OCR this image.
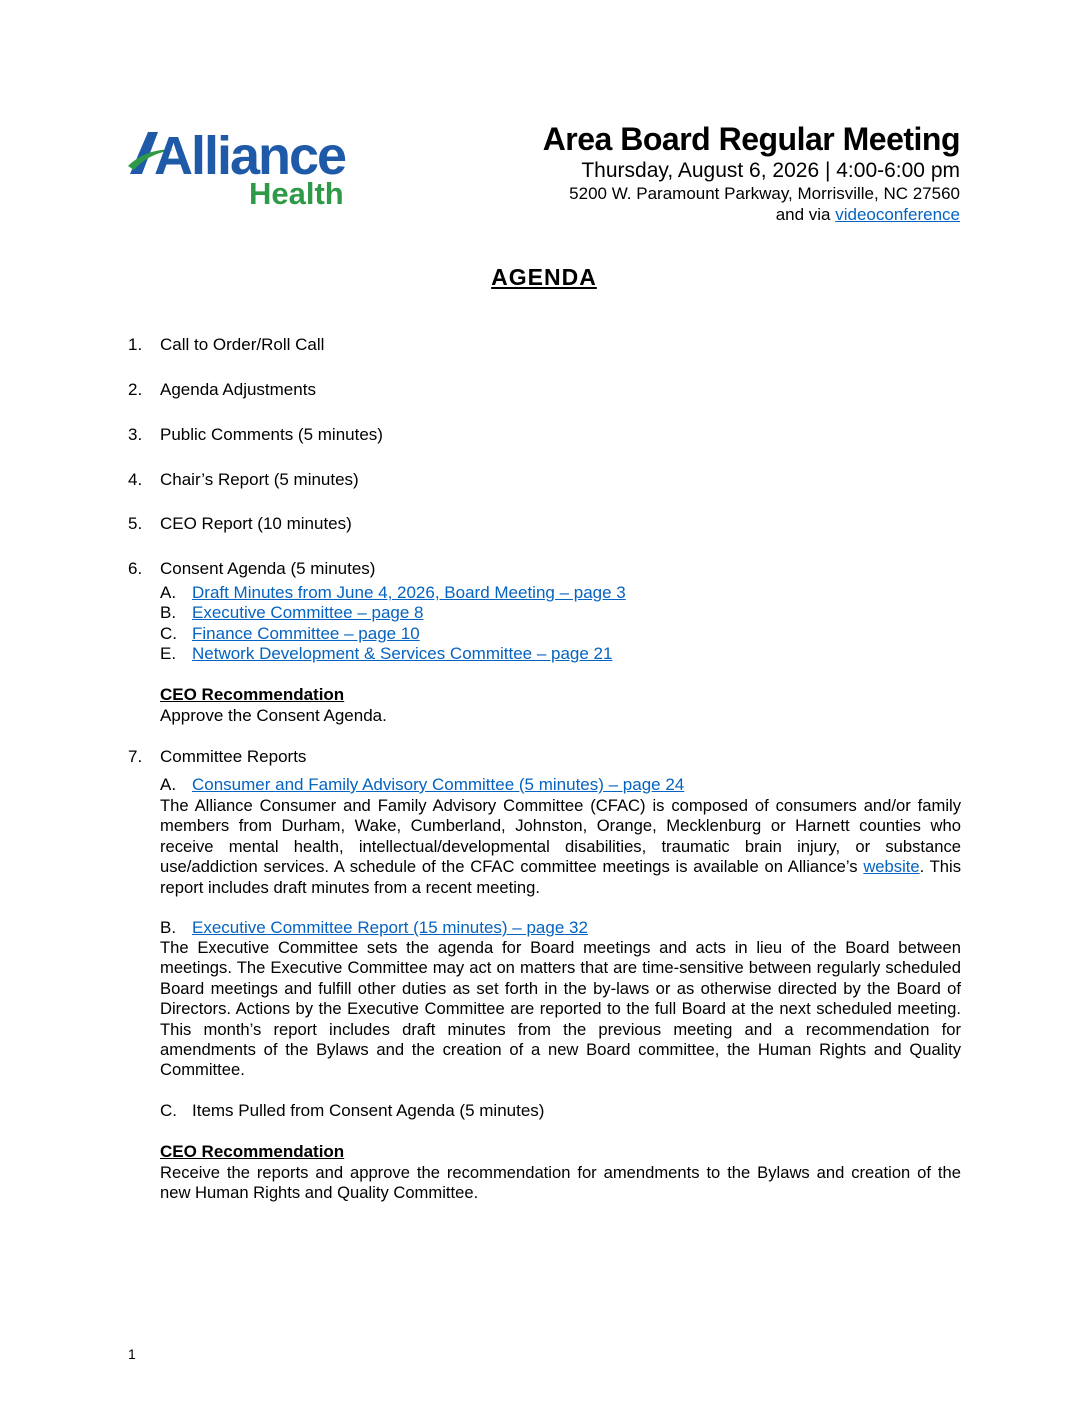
Alliance
Health
Area Board Regular Meeting
Thursday, August 6, 2026 | 4:00-6:00 pm
5200 W. Paramount Parkway, Morrisville, NC 27560
and via videoconference
AGENDA
1. Call to Order/Roll Call
2. Agenda Adjustments
3. Public Comments (5 minutes)
4. Chair’s Report (5 minutes)
5. CEO Report (10 minutes)
6. Consent Agenda (5 minutes)
A. Draft Minutes from June 4, 2026, Board Meeting – page 3
B. Executive Committee – page 8
C. Finance Committee – page 10
E. Network Development & Services Committee – page 21
CEO Recommendation
Approve the Consent Agenda.
7. Committee Reports
A. Consumer and Family Advisory Committee (5 minutes) – page 24
The Alliance Consumer and Family Advisory Committee (CFAC) is composed of consumers and/or family members from Durham, Wake, Cumberland, Johnston, Orange, Mecklenburg or Harnett counties who receive mental health, intellectual/developmental disabilities, traumatic brain injury, or substance use/addiction services. A schedule of the CFAC committee meetings is available on Alliance’s website. This report includes draft minutes from a recent meeting.
B. Executive Committee Report (15 minutes) – page 32
The Executive Committee sets the agenda for Board meetings and acts in lieu of the Board between meetings. The Executive Committee may act on matters that are time-sensitive between regularly scheduled Board meetings and fulfill other duties as set forth in the by-laws or as otherwise directed by the Board of Directors. Actions by the Executive Committee are reported to the full Board at the next scheduled meeting. This month’s report includes draft minutes from the previous meeting and a recommendation for amendments of the Bylaws and the creation of a new Board committee, the Human Rights and Quality Committee.
C. Items Pulled from Consent Agenda (5 minutes)
CEO Recommendation
Receive the reports and approve the recommendation for amendments to the Bylaws and creation of the new Human Rights and Quality Committee.
1
